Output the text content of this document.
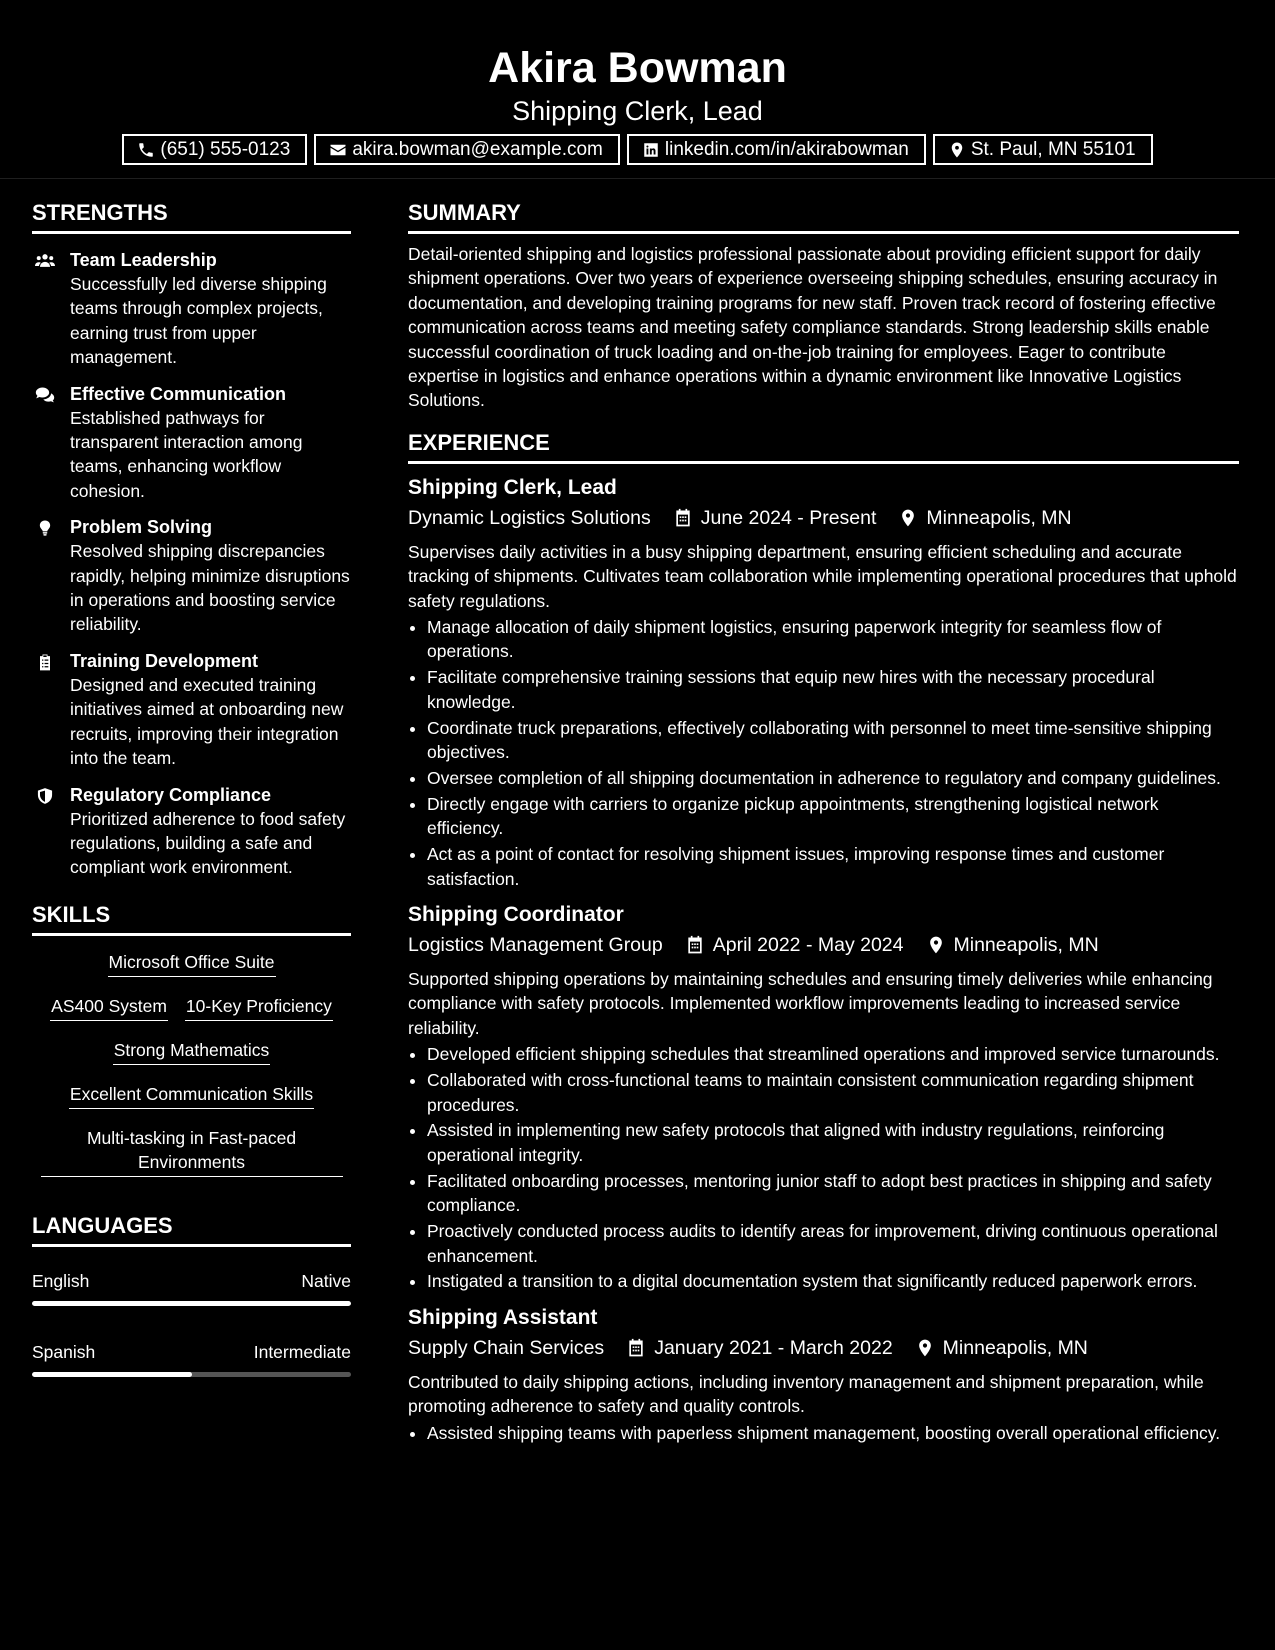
Akira Bowman
Shipping Clerk, Lead
(651) 555-0123	akira.bowman@example.com	linkedin.com/in/akirabowman	St. Paul, MN 55101
STRENGTHS
Team Leadership
Successfully led diverse shipping teams through complex projects, earning trust from upper management.
Effective Communication
Established pathways for transparent interaction among teams, enhancing workflow cohesion.
Problem Solving
Resolved shipping discrepancies rapidly, helping minimize disruptions in operations and boosting service reliability.
Training Development
Designed and executed training initiatives aimed at onboarding new recruits, improving their integration into the team.
Regulatory Compliance
Prioritized adherence to food safety regulations, building a safe and compliant work environment.
SKILLS
Microsoft Office Suite
AS400 System 10-Key Proficiency
Strong Mathematics
Excellent Communication Skills
Multi-tasking in Fast-paced Environments
LANGUAGES
English	Native
Spanish	Intermediate
SUMMARY
Detail-oriented shipping and logistics professional passionate about providing efficient support for daily shipment operations. Over two years of experience overseeing shipping schedules, ensuring accuracy in documentation, and developing training programs for new staff. Proven track record of fostering effective communication across teams and meeting safety compliance standards. Strong leadership skills enable successful coordination of truck loading and on-the-job training for employees. Eager to contribute expertise in logistics and enhance operations within a dynamic environment like Innovative Logistics Solutions.
EXPERIENCE
Shipping Clerk, Lead
Dynamic Logistics Solutions	June 2024 - Present	Minneapolis, MN
Supervises daily activities in a busy shipping department, ensuring efficient scheduling and accurate tracking of shipments. Cultivates team collaboration while implementing operational procedures that uphold safety regulations.
• Manage allocation of daily shipment logistics, ensuring paperwork integrity for seamless flow of operations.
• Facilitate comprehensive training sessions that equip new hires with the necessary procedural knowledge.
• Coordinate truck preparations, effectively collaborating with personnel to meet time-sensitive shipping objectives.
• Oversee completion of all shipping documentation in adherence to regulatory and company guidelines.
• Directly engage with carriers to organize pickup appointments, strengthening logistical network efficiency.
• Act as a point of contact for resolving shipment issues, improving response times and customer satisfaction.
Shipping Coordinator
Logistics Management Group	April 2022 - May 2024	Minneapolis, MN
Supported shipping operations by maintaining schedules and ensuring timely deliveries while enhancing compliance with safety protocols. Implemented workflow improvements leading to increased service reliability.
• Developed efficient shipping schedules that streamlined operations and improved service turnarounds.
• Collaborated with cross-functional teams to maintain consistent communication regarding shipment procedures.
• Assisted in implementing new safety protocols that aligned with industry regulations, reinforcing operational integrity.
• Facilitated onboarding processes, mentoring junior staff to adopt best practices in shipping and safety compliance.
• Proactively conducted process audits to identify areas for improvement, driving continuous operational enhancement.
• Instigated a transition to a digital documentation system that significantly reduced paperwork errors.
Shipping Assistant
Supply Chain Services	January 2021 - March 2022	Minneapolis, MN
Contributed to daily shipping actions, including inventory management and shipment preparation, while promoting adherence to safety and quality controls.
• Assisted shipping teams with paperless shipment management, boosting overall operational efficiency.
